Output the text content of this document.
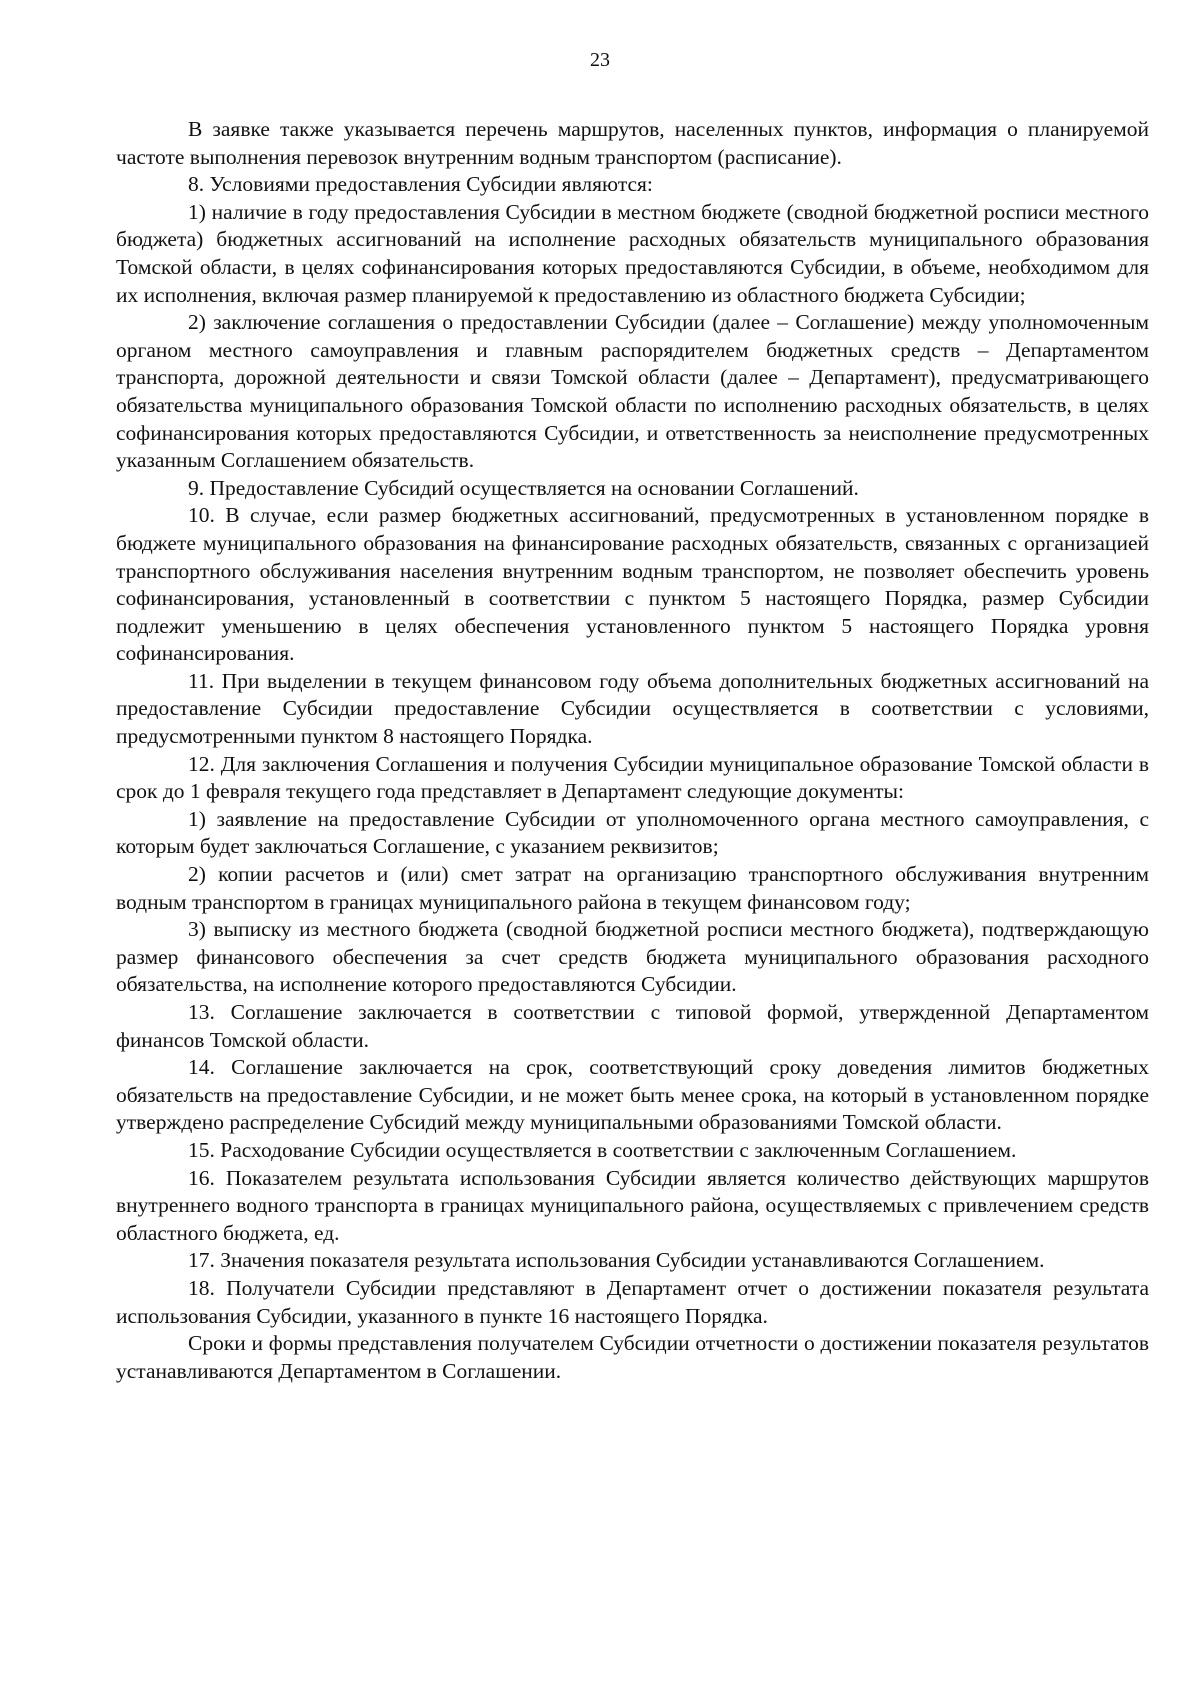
23

В заявке также указывается перечень маршрутов, населенных пунктов, информация о планируемой частоте выполнения перевозок внутренним водным транспортом (расписание).

8. Условиями предоставления Субсидии являются:

1) наличие в году предоставления Субсидии в местном бюджете (сводной бюджетной росписи местного бюджета) бюджетных ассигнований на исполнение расходных обязательств муниципального образования Томской области, в целях софинансирования которых предоставляются Субсидии, в объеме, необходимом для их исполнения, включая размер планируемой к предоставлению из областного бюджета Субсидии;

2) заключение соглашения о предоставлении Субсидии (далее – Соглашение) между уполномоченным органом местного самоуправления и главным распорядителем бюджетных средств – Департаментом транспорта, дорожной деятельности и связи Томской области (далее – Департамент), предусматривающего обязательства муниципального образования Томской области по исполнению расходных обязательств, в целях софинансирования которых предоставляются Субсидии, и ответственность за неисполнение предусмотренных указанным Соглашением обязательств.

9. Предоставление Субсидий осуществляется на основании Соглашений.

10. В случае, если размер бюджетных ассигнований, предусмотренных в установленном порядке в бюджете муниципального образования на финансирование расходных обязательств, связанных с организацией транспортного обслуживания населения внутренним водным транспортом, не позволяет обеспечить уровень софинансирования, установленный в соответствии с пунктом 5 настоящего Порядка, размер Субсидии подлежит уменьшению в целях обеспечения установленного пунктом 5 настоящего Порядка уровня софинансирования.

11. При выделении в текущем финансовом году объема дополнительных бюджетных ассигнований на предоставление Субсидии предоставление Субсидии осуществляется в соответствии с условиями, предусмотренными пунктом 8 настоящего Порядка.

12. Для заключения Соглашения и получения Субсидии муниципальное образование Томской области в срок до 1 февраля текущего года представляет в Департамент следующие документы:

1) заявление на предоставление Субсидии от уполномоченного органа местного самоуправления, с которым будет заключаться Соглашение, с указанием реквизитов;

2) копии расчетов и (или) смет затрат на организацию транспортного обслуживания внутренним водным транспортом в границах муниципального района в текущем финансовом году;

3) выписку из местного бюджета (сводной бюджетной росписи местного бюджета), подтверждающую размер финансового обеспечения за счет средств бюджета муниципального образования расходного обязательства, на исполнение которого предоставляются Субсидии.

13. Соглашение заключается в соответствии с типовой формой, утвержденной Департаментом финансов Томской области.

14. Соглашение заключается на срок, соответствующий сроку доведения лимитов бюджетных обязательств на предоставление Субсидии, и не может быть менее срока, на который в установленном порядке утверждено распределение Субсидий между муниципальными образованиями Томской области.

15. Расходование Субсидии осуществляется в соответствии с заключенным Соглашением.

16. Показателем результата использования Субсидии является количество действующих маршрутов внутреннего водного транспорта в границах муниципального района, осуществляемых с привлечением средств областного бюджета, ед.

17. Значения показателя результата использования Субсидии устанавливаются Соглашением.

18. Получатели Субсидии представляют в Департамент отчет о достижении показателя результата использования Субсидии, указанного в пункте 16 настоящего Порядка.

Сроки и формы представления получателем Субсидии отчетности о достижении показателя результатов устанавливаются Департаментом в Соглашении.
